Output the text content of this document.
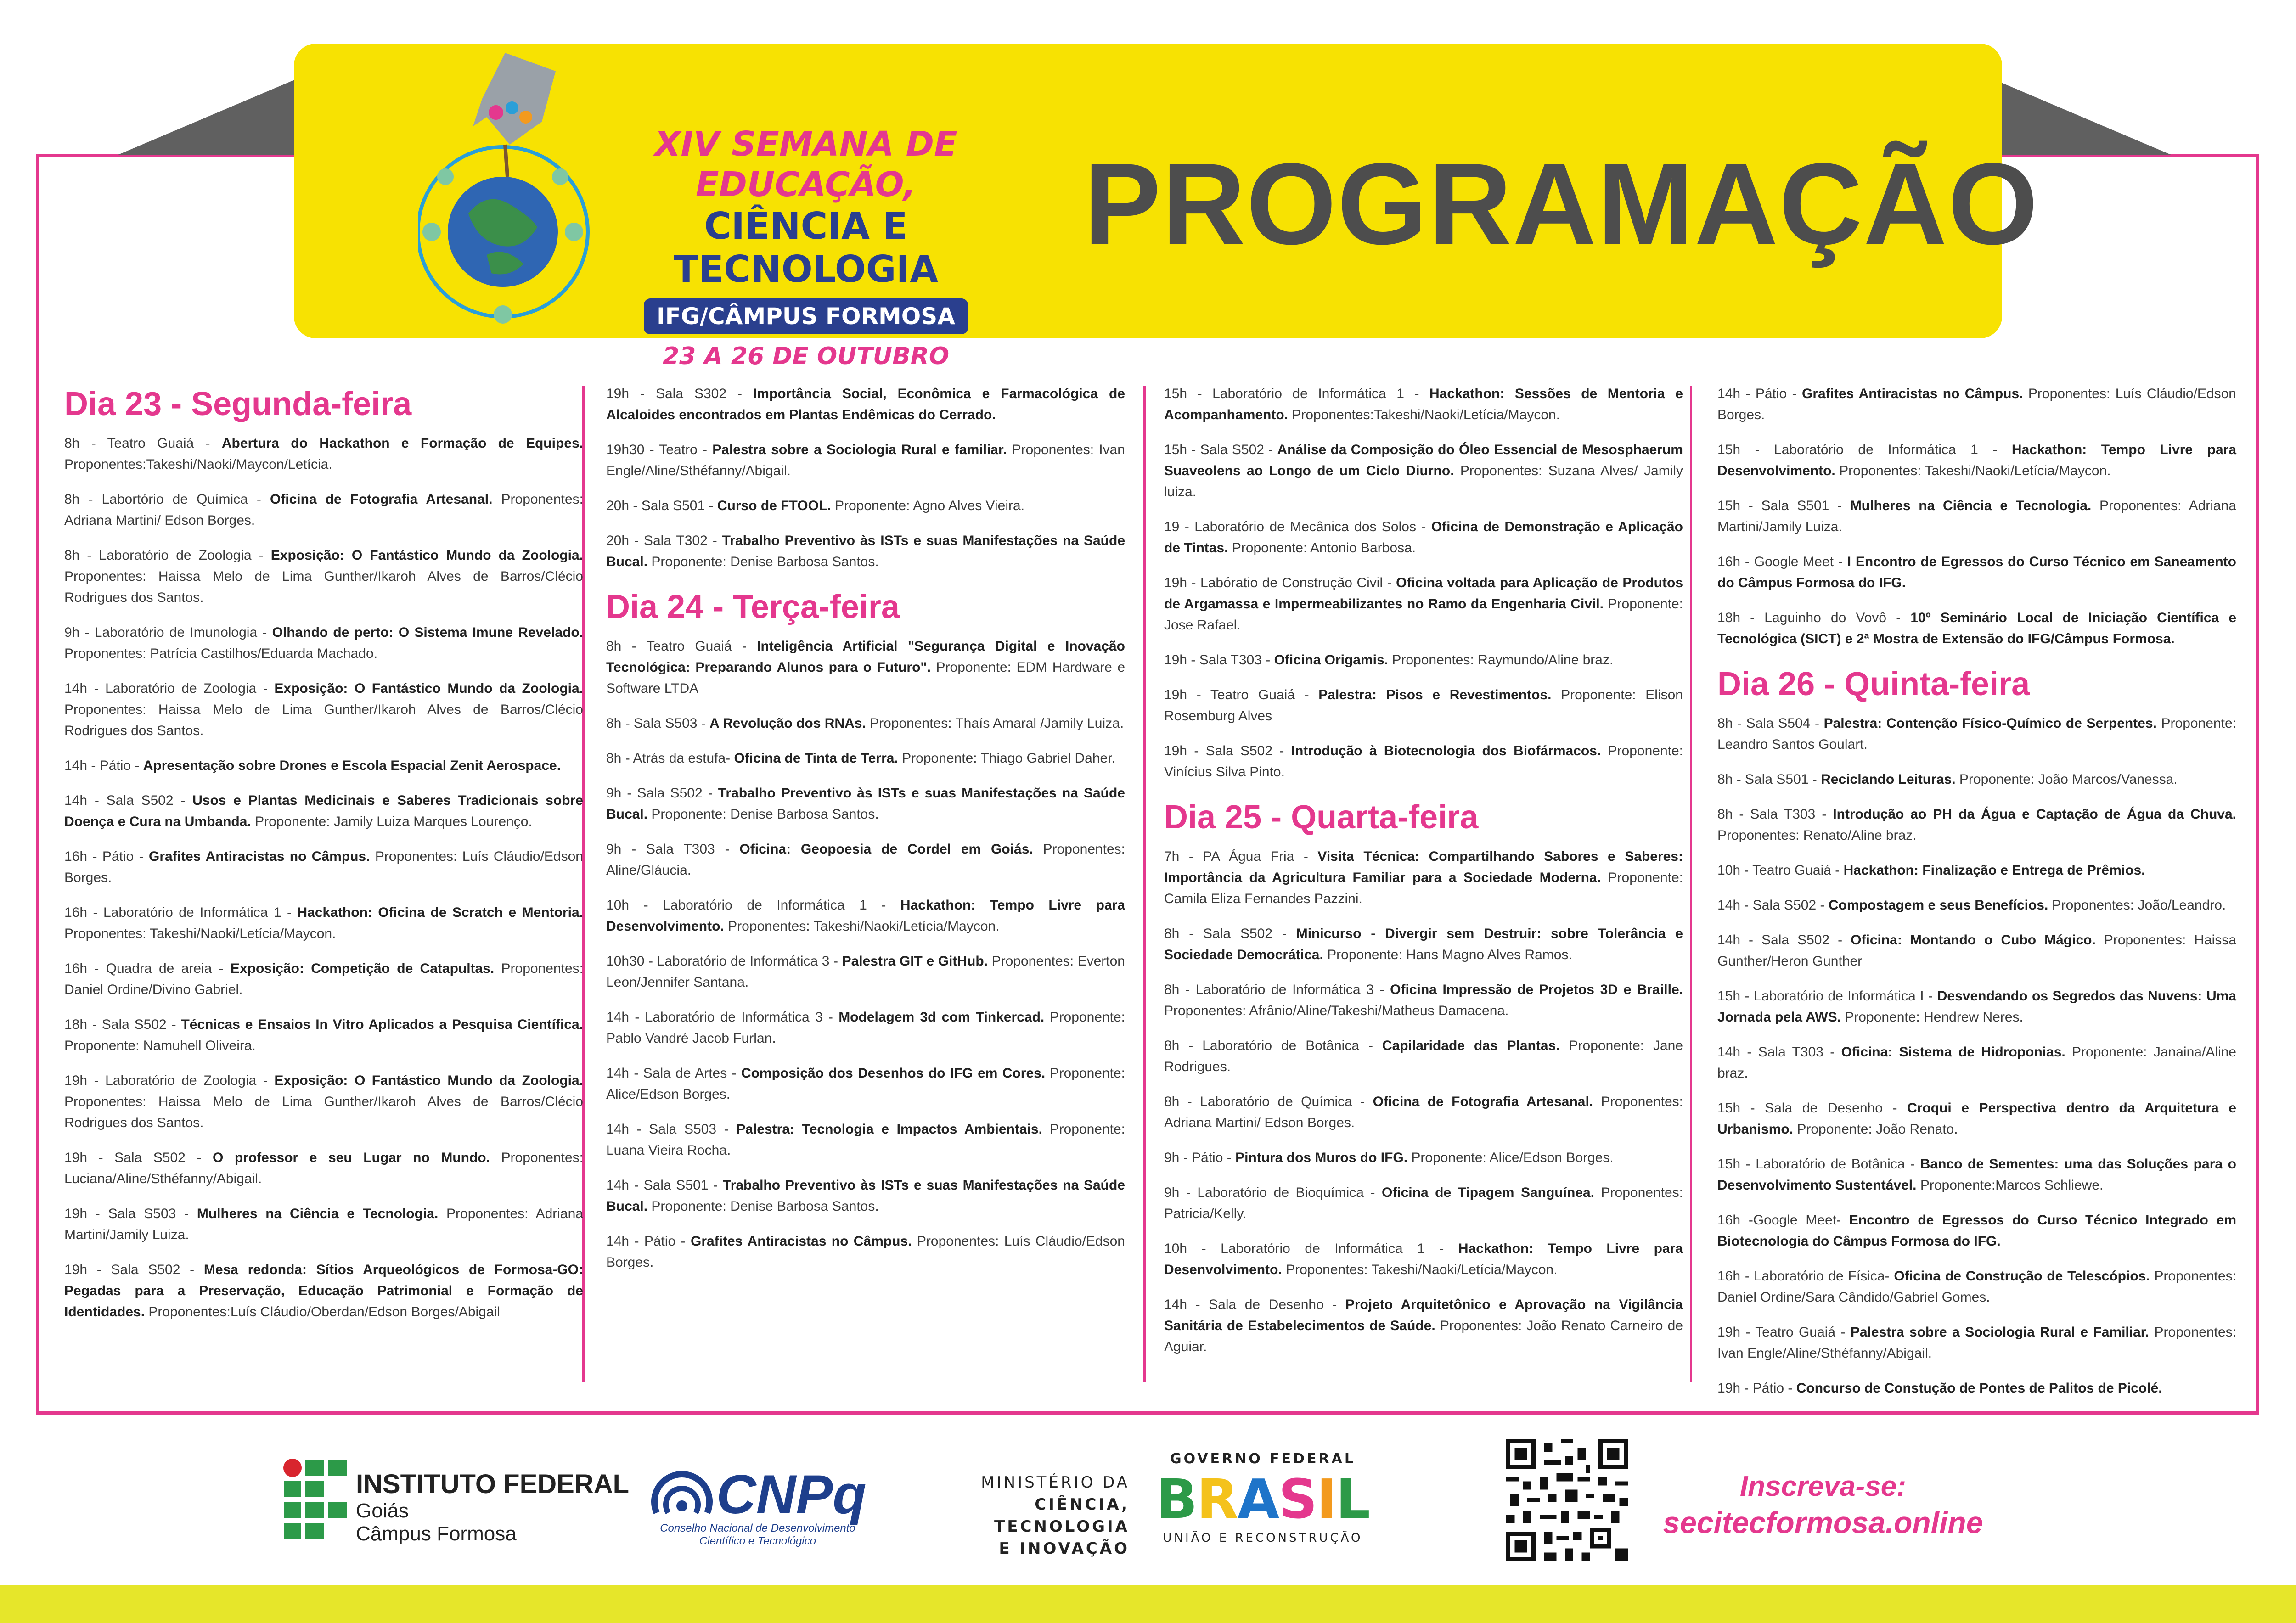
XIV SEMANA DE EDUCAÇÃO,
CIÊNCIA E TECNOLOGIA
IFG/CÂMPUS FORMOSA
23 A 26 DE OUTUBRO
PROGRAMAÇÃO
Dia 23 - Segunda-feira
8h - Teatro Guaiá - Abertura do Hackathon e Formação de Equipes. Proponentes:Takeshi/Naoki/Maycon/Letícia.
8h - Labortório de Química - Oficina de Fotografia Artesanal. Proponentes: Adriana Martini/ Edson Borges.
8h - Laboratório de Zoologia - Exposição: O Fantástico Mundo da Zoologia. Proponentes: Haissa Melo de Lima Gunther/Ikaroh Alves de Barros/Clécio Rodrigues dos Santos.
9h - Laboratório de Imunologia - Olhando de perto: O Sistema Imune Revelado. Proponentes: Patrícia Castilhos/Eduarda Machado.
14h - Laboratório de Zoologia - Exposição: O Fantástico Mundo da Zoologia. Proponentes: Haissa Melo de Lima Gunther/Ikaroh Alves de Barros/Clécio Rodrigues dos Santos.
14h - Pátio - Apresentação sobre Drones e Escola Espacial Zenit Aerospace.
14h - Sala S502 - Usos e Plantas Medicinais e Saberes Tradicionais sobre Doença e Cura na Umbanda. Proponente: Jamily Luiza Marques Lourenço.
16h - Pátio - Grafites Antiracistas no Câmpus. Proponentes: Luís Cláudio/Edson Borges.
16h - Laboratório de Informática 1 - Hackathon: Oficina de Scratch e Mentoria. Proponentes: Takeshi/Naoki/Letícia/Maycon.
16h - Quadra de areia - Exposição: Competição de Catapultas. Proponentes: Daniel Ordine/Divino Gabriel.
18h - Sala S502 - Técnicas e Ensaios In Vitro Aplicados a Pesquisa Científica. Proponente: Namuhell Oliveira.
19h - Laboratório de Zoologia - Exposição: O Fantástico Mundo da Zoologia. Proponentes: Haissa Melo de Lima Gunther/Ikaroh Alves de Barros/Clécio Rodrigues dos Santos.
19h - Sala S502 - O professor e seu Lugar no Mundo. Proponentes: Luciana/Aline/Sthéfanny/Abigail.
19h - Sala S503 - Mulheres na Ciência e Tecnologia. Proponentes: Adriana Martini/Jamily Luiza.
19h - Sala S502 - Mesa redonda: Sítios Arqueológicos de Formosa-GO: Pegadas para a Preservação, Educação Patrimonial e Formação de Identidades. Proponentes:Luís Cláudio/Oberdan/Edson Borges/Abigail
19h - Sala S302 - Importância Social, Econômica e Farmacológica de Alcaloides encontrados em Plantas Endêmicas do Cerrado.
19h30 - Teatro - Palestra sobre a Sociologia Rural e familiar. Proponentes: Ivan Engle/Aline/Sthéfanny/Abigail.
20h - Sala S501 - Curso de FTOOL. Proponente: Agno Alves Vieira.
20h - Sala T302 - Trabalho Preventivo às ISTs e suas Manifestações na Saúde Bucal. Proponente: Denise Barbosa Santos.
Dia 24 - Terça-feira
8h - Teatro Guaiá - Inteligência Artificial "Segurança Digital e Inovação Tecnológica: Preparando Alunos para o Futuro". Proponente: EDM Hardware e Software LTDA
8h - Sala S503 - A Revolução dos RNAs. Proponentes: Thaís Amaral /Jamily Luiza.
8h - Atrás da estufa- Oficina de Tinta de Terra. Proponente: Thiago Gabriel Daher.
9h - Sala S502 - Trabalho Preventivo às ISTs e suas Manifestações na Saúde Bucal. Proponente: Denise Barbosa Santos.
9h - Sala T303 - Oficina: Geopoesia de Cordel em Goiás. Proponentes: Aline/Gláucia.
10h - Laboratório de Informática 1 - Hackathon: Tempo Livre para Desenvolvimento. Proponentes: Takeshi/Naoki/Letícia/Maycon.
10h30 - Laboratório de Informática 3 - Palestra GIT e GitHub. Proponentes: Everton Leon/Jennifer Santana.
14h - Laboratório de Informática 3 - Modelagem 3d com Tinkercad. Proponente: Pablo Vandré Jacob Furlan.
14h - Sala de Artes - Composição dos Desenhos do IFG em Cores. Proponente: Alice/Edson Borges.
14h - Sala S503 - Palestra: Tecnologia e Impactos Ambientais. Proponente: Luana Vieira Rocha.
14h - Sala S501 - Trabalho Preventivo às ISTs e suas Manifestações na Saúde Bucal. Proponente: Denise Barbosa Santos.
14h - Pátio - Grafites Antiracistas no Câmpus. Proponentes: Luís Cláudio/Edson Borges.
15h - Laboratório de Informática 1 - Hackathon: Sessões de Mentoria e Acompanhamento. Proponentes:Takeshi/Naoki/Letícia/Maycon.
15h - Sala S502 - Análise da Composição do Óleo Essencial de Mesosphaerum Suaveolens ao Longo de um Ciclo Diurno. Proponentes: Suzana Alves/ Jamily luiza.
19 - Laboratório de Mecânica dos Solos - Oficina de Demonstração e Aplicação de Tintas. Proponente: Antonio Barbosa.
19h - Labóratio de Construção Civil - Oficina voltada para Aplicação de Produtos de Argamassa e Impermeabilizantes no Ramo da Engenharia Civil. Proponente: Jose Rafael.
19h - Sala T303 - Oficina Origamis. Proponentes: Raymundo/Aline braz.
19h - Teatro Guaiá - Palestra: Pisos e Revestimentos. Proponente: Elison Rosemburg Alves
19h - Sala S502 - Introdução à Biotecnologia dos Biofármacos. Proponente: Vinícius Silva Pinto.
Dia 25 - Quarta-feira
7h - PA Água Fria - Visita Técnica: Compartilhando Sabores e Saberes: Importância da Agricultura Familiar para a Sociedade Moderna. Proponente: Camila Eliza Fernandes Pazzini.
8h - Sala S502 - Minicurso - Divergir sem Destruir: sobre Tolerância e Sociedade Democrática. Proponente: Hans Magno Alves Ramos.
8h - Laboratório de Informática 3 - Oficina Impressão de Projetos 3D e Braille. Proponentes: Afrânio/Aline/Takeshi/Matheus Damacena.
8h - Laboratório de Botânica - Capilaridade das Plantas. Proponente: Jane Rodrigues.
8h - Laboratório de Química - Oficina de Fotografia Artesanal. Proponentes: Adriana Martini/ Edson Borges.
9h - Pátio - Pintura dos Muros do IFG. Proponente: Alice/Edson Borges.
9h - Laboratório de Bioquímica - Oficina de Tipagem Sanguínea. Proponentes: Patricia/Kelly.
10h - Laboratório de Informática 1 - Hackathon: Tempo Livre para Desenvolvimento. Proponentes: Takeshi/Naoki/Letícia/Maycon.
14h - Sala de Desenho - Projeto Arquitetônico e Aprovação na Vigilância Sanitária de Estabelecimentos de Saúde. Proponentes: João Renato Carneiro de Aguiar.
14h - Pátio - Grafites Antiracistas no Câmpus. Proponentes: Luís Cláudio/Edson Borges.
15h - Laboratório de Informática 1 - Hackathon: Tempo Livre para Desenvolvimento. Proponentes: Takeshi/Naoki/Letícia/Maycon.
15h - Sala S501 - Mulheres na Ciência e Tecnologia. Proponentes: Adriana Martini/Jamily Luiza.
16h - Google Meet - I Encontro de Egressos do Curso Técnico em Saneamento do Câmpus Formosa do IFG.
18h - Laguinho do Vovô - 10º Seminário Local de Iniciação Científica e Tecnológica (SICT) e 2ª Mostra de Extensão do IFG/Câmpus Formosa.
Dia 26 - Quinta-feira
8h - Sala S504 - Palestra: Contenção Físico-Químico de Serpentes. Proponente: Leandro Santos Goulart.
8h - Sala S501 - Reciclando Leituras. Proponente: João Marcos/Vanessa.
8h - Sala T303 - Introdução ao PH da Água e Captação de Água da Chuva. Proponentes: Renato/Aline braz.
10h - Teatro Guaiá - Hackathon: Finalização e Entrega de Prêmios.
14h - Sala S502 - Compostagem e seus Benefícios. Proponentes: João/Leandro.
14h - Sala S502 - Oficina: Montando o Cubo Mágico. Proponentes: Haissa Gunther/Heron Gunther
15h - Laboratório de Informática I - Desvendando os Segredos das Nuvens: Uma Jornada pela AWS. Proponente: Hendrew Neres.
14h - Sala T303 - Oficina: Sistema de Hidroponias. Proponente: Janaina/Aline braz.
15h - Sala de Desenho - Croqui e Perspectiva dentro da Arquitetura e Urbanismo. Proponente: João Renato.
15h - Laboratório de Botânica - Banco de Sementes: uma das Soluções para o Desenvolvimento Sustentável. Proponente:Marcos Schliewe.
16h -Google Meet- Encontro de Egressos do Curso Técnico Integrado em Biotecnologia do Câmpus Formosa do IFG.
16h - Laboratório de Física- Oficina de Construção de Telescópios. Proponentes: Daniel Ordine/Sara Cândido/Gabriel Gomes.
19h - Teatro Guaiá - Palestra sobre a Sociologia Rural e Familiar. Proponentes: Ivan Engle/Aline/Sthéfanny/Abigail.
19h - Pátio - Concurso de Constução de Pontes de Palitos de Picolé.
INSTITUTO FEDERAL
Goiás
Câmpus Formosa
CNPq
Conselho Nacional de Desenvolvimento
Científico e Tecnológico
MINISTÉRIO DA
CIÊNCIA, TECNOLOGIA
E INOVAÇÃO
GOVERNO FEDERAL
BRASIL
UNIÃO E RECONSTRUÇÃO
Inscreva-se:
secitecformosa.online
